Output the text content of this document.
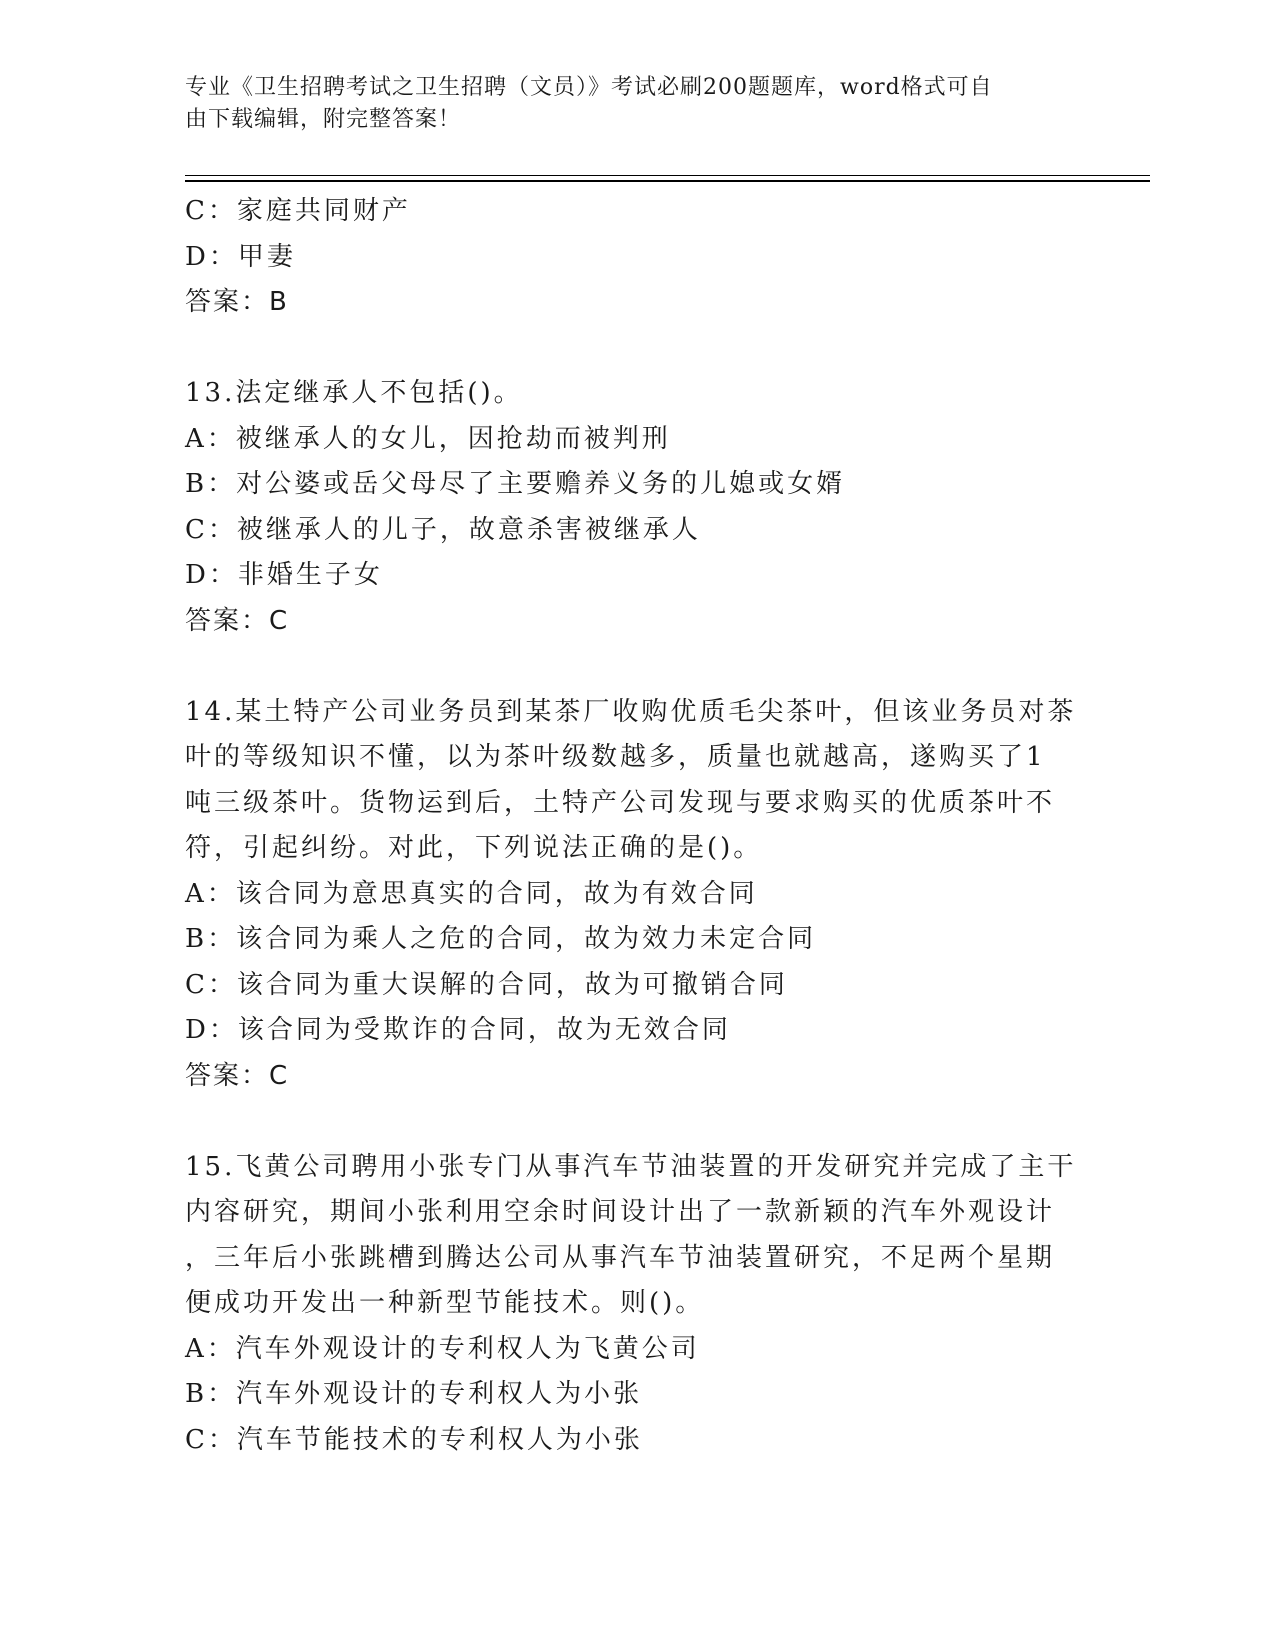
专业《卫生招聘考试之卫生招聘（文员）》考试必刷200题题库，word格式可自
由下载编辑，附完整答案！
C：家庭共同财产
D：甲妻
答案：B
13.法定继承人不包括()。
A：被继承人的女儿，因抢劫而被判刑
B：对公婆或岳父母尽了主要赡养义务的儿媳或女婿
C：被继承人的儿子，故意杀害被继承人
D：非婚生子女
答案：C
14.某土特产公司业务员到某茶厂收购优质毛尖茶叶，但该业务员对茶
叶的等级知识不懂，以为茶叶级数越多，质量也就越高，遂购买了1
吨三级茶叶。货物运到后，土特产公司发现与要求购买的优质茶叶不
符，引起纠纷。对此，下列说法正确的是()。
A：该合同为意思真实的合同，故为有效合同
B：该合同为乘人之危的合同，故为效力未定合同
C：该合同为重大误解的合同，故为可撤销合同
D：该合同为受欺诈的合同，故为无效合同
答案：C
15.飞黄公司聘用小张专门从事汽车节油装置的开发研究并完成了主干
内容研究，期间小张利用空余时间设计出了一款新颖的汽车外观设计
，三年后小张跳槽到腾达公司从事汽车节油装置研究，不足两个星期
便成功开发出一种新型节能技术。则()。
A：汽车外观设计的专利权人为飞黄公司
B：汽车外观设计的专利权人为小张
C：汽车节能技术的专利权人为小张
